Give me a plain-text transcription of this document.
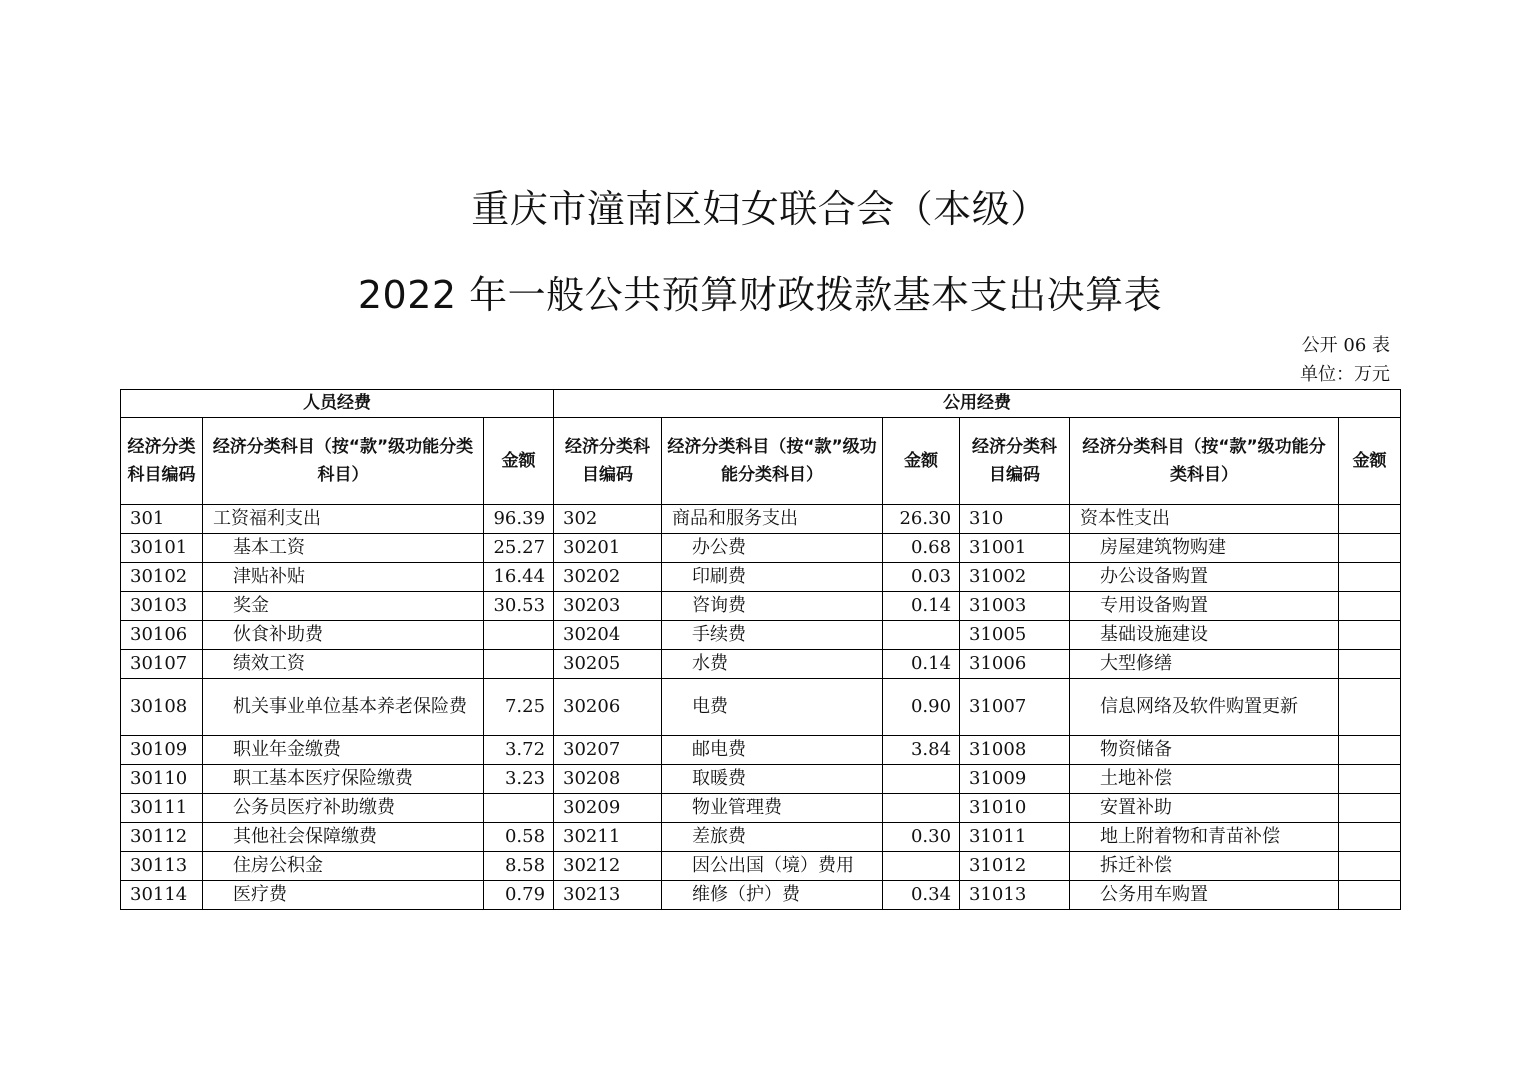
重庆市潼南区妇女联合会（本级）
2022 年一般公共预算财政拨款基本支出决算表
公开 06 表
单位：万元
人员经费			公用经费					
经济分类科目编码	经济分类科目（按“款”级功能分类科目）	金额	经济分类科目编码	经济分类科目（按“款”级功能分类科目）	金额	经济分类科目编码	经济分类科目（按“款”级功能分类科目）	金额
301	工资福利支出	96.39	302	商品和服务支出	26.30	310	资本性支出	
30101	基本工资	25.27	30201	办公费	0.68	31001	房屋建筑物购建	
30102	津贴补贴	16.44	30202	印刷费	0.03	31002	办公设备购置	
30103	奖金	30.53	30203	咨询费	0.14	31003	专用设备购置	
30106	伙食补助费		30204	手续费		31005	基础设施建设	
30107	绩效工资		30205	水费	0.14	31006	大型修缮	
30108	机关事业单位基本养老保险费	7.25	30206	电费	0.90	31007	信息网络及软件购置更新	
30109	职业年金缴费	3.72	30207	邮电费	3.84	31008	物资储备	
30110	职工基本医疗保险缴费	3.23	30208	取暖费		31009	土地补偿	
30111	公务员医疗补助缴费		30209	物业管理费		31010	安置补助	
30112	其他社会保障缴费	0.58	30211	差旅费	0.30	31011	地上附着物和青苗补偿	
30113	住房公积金	8.58	30212	因公出国（境）费用		31012	拆迁补偿	
30114	医疗费	0.79	30213	维修（护）费	0.34	31013	公务用车购置	
